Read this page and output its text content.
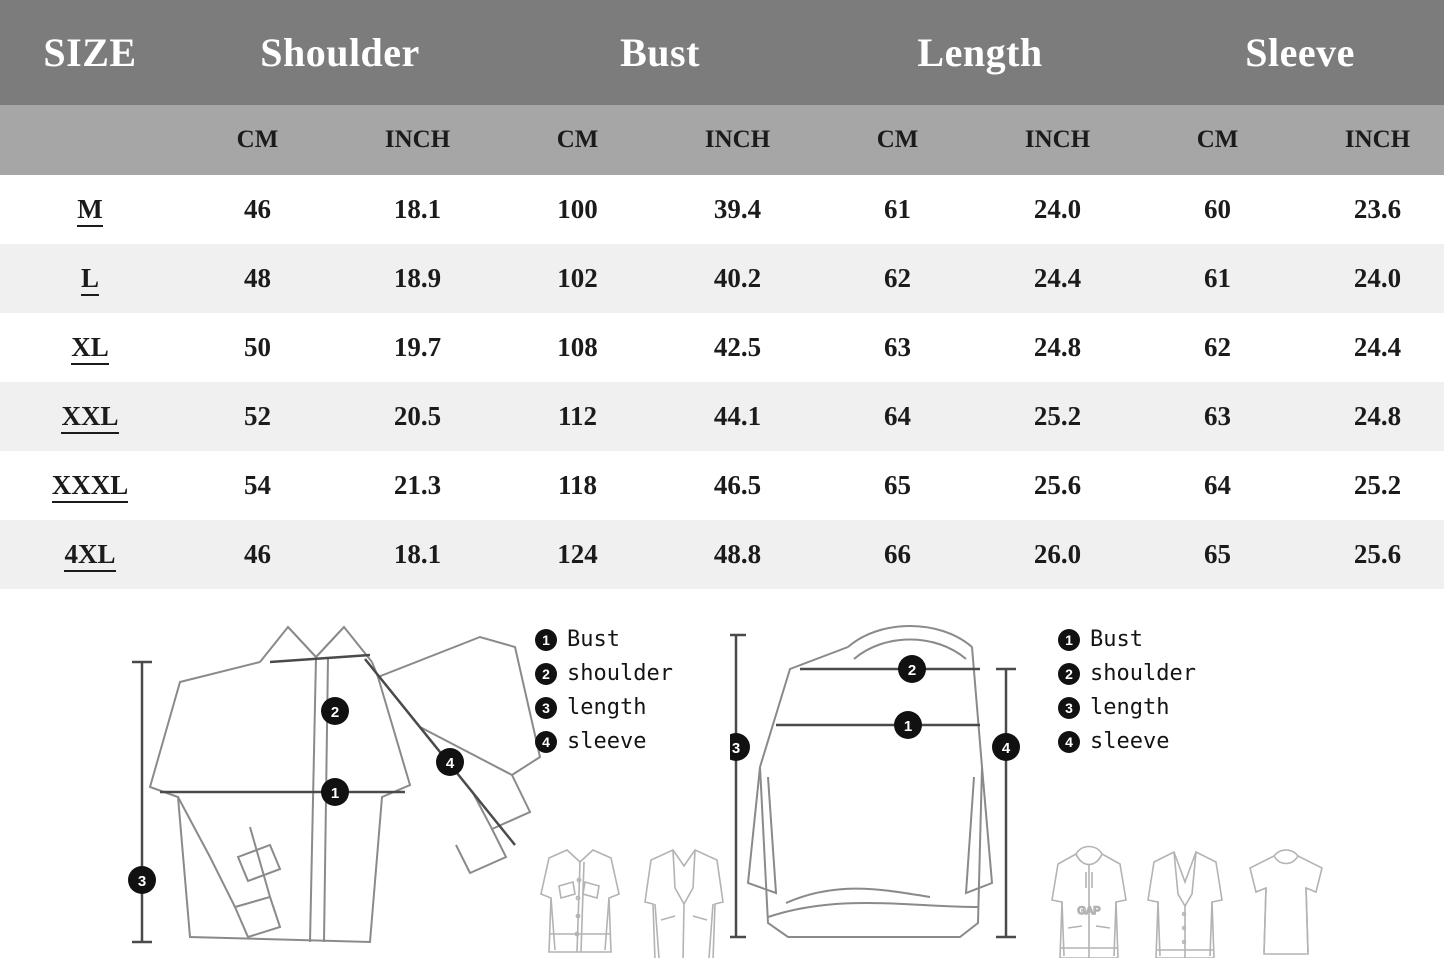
SIZE	Shoulder		Bust		Length		Sleeve	
	CM	INCH	CM	INCH	CM	INCH	CM	INCH
M	46	18.1	100	39.4	61	24.0	60	23.6
L	48	18.9	102	40.2	62	24.4	61	24.0
XL	50	19.7	108	42.5	63	24.8	62	24.4
XXL	52	20.5	112	44.1	64	25.2	63	24.8
XXXL	54	21.3	118	46.5	65	25.6	64	25.2
4XL	46	18.1	124	48.8	66	26.0	65	25.6
2
1
3
4
1 Bust
2 shoulder
3 length
4 sleeve
2
1
3	4
1 Bust
2 shoulder
3 length
4 sleeve
GAP
